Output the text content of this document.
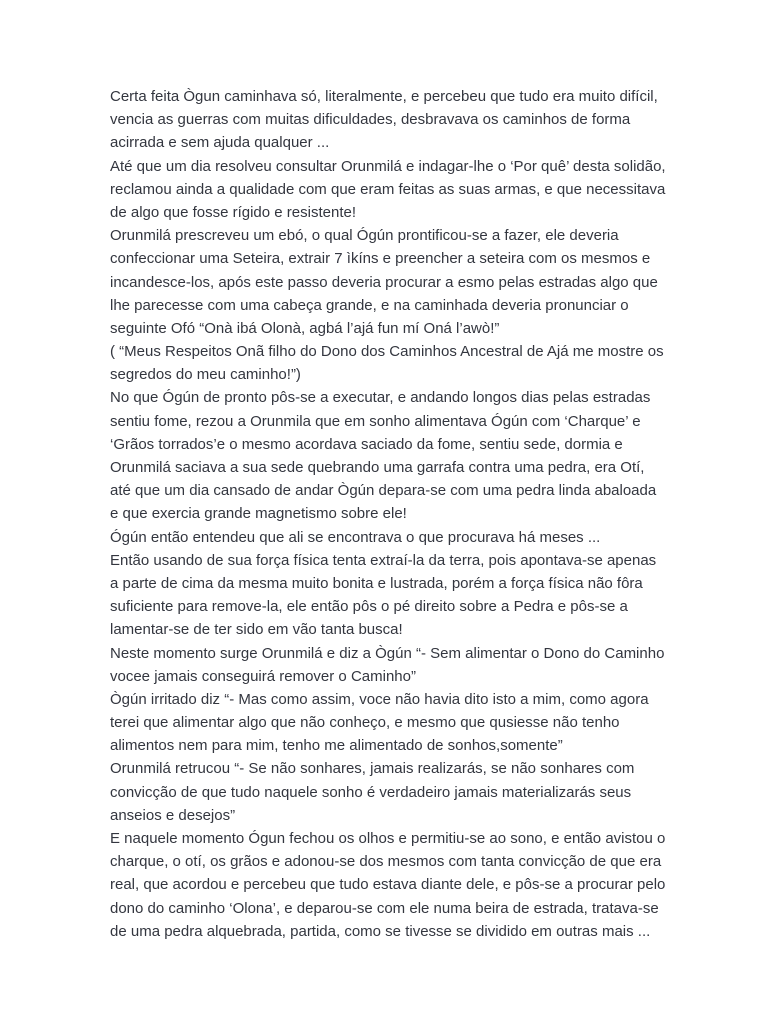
Certa feita Ògun caminhava só, literalmente, e percebeu que tudo era muito difícil,
vencia as guerras com muitas dificuldades, desbravava os caminhos de forma
acirrada e sem ajuda qualquer ...
Até que um dia resolveu consultar Orunmilá e indagar-lhe o ‘Por quê’ desta solidão,
reclamou ainda a qualidade com que eram feitas as suas armas, e que necessitava
de algo que fosse rígido e resistente!
Orunmilá prescreveu um ebó, o qual Ógún prontificou-se a fazer, ele deveria
confeccionar uma Seteira, extrair 7 ìkíns e preencher a seteira com os mesmos e
incandesce-los, após este passo deveria procurar a esmo pelas estradas algo que
lhe parecesse com uma cabeça grande, e na caminhada deveria pronunciar o
seguinte Ofó “Onà ibá Olonà, agbá l’ajá fun mí Oná l’awò!”
( “Meus Respeitos Onã filho do Dono dos Caminhos Ancestral de Ajá me mostre os
segredos do meu caminho!”)
No que Ógún de pronto pôs-se a executar, e andando longos dias pelas estradas
sentiu fome, rezou a Orunmila que em sonho alimentava Ógún com ‘Charque’ e
‘Grãos torrados’e o mesmo acordava saciado da fome, sentiu sede, dormia e
Orunmilá saciava a sua sede quebrando uma garrafa contra uma pedra, era Otí,
até que um dia cansado de andar Ògún depara-se com uma pedra linda abaloada
e que exercia grande magnetismo sobre ele!
Ógún então entendeu que ali se encontrava o que procurava há meses ...
Então usando de sua força física tenta extraí-la da terra, pois apontava-se apenas
a parte de cima da mesma muito bonita e lustrada, porém a força física não fôra
suficiente para remove-la, ele então pôs o pé direito sobre a Pedra e pôs-se a
lamentar-se de ter sido em vão tanta busca!
Neste momento surge Orunmilá e diz a Ògún “- Sem alimentar o Dono do Caminho
vocee jamais conseguirá remover o Caminho”
Ògún irritado diz “- Mas como assim, voce não havia dito isto a mim, como agora
terei que alimentar algo que não conheço, e mesmo que qusiesse não tenho
alimentos nem para mim, tenho me alimentado de sonhos,somente”
Orunmilá retrucou “- Se não sonhares, jamais realizarás, se não sonhares com
convicção de que tudo naquele sonho é verdadeiro jamais materializarás seus
anseios e desejos”
E naquele momento Ógun fechou os olhos e permitiu-se ao sono, e então avistou o
charque, o otí, os grãos e adonou-se dos mesmos com tanta convicção de que era
real, que acordou e percebeu que tudo estava diante dele, e pôs-se a procurar pelo
dono do caminho ‘Olona’, e deparou-se com ele numa beira de estrada, tratava-se
de uma pedra alquebrada, partida, como se tivesse se dividido em outras mais ...
